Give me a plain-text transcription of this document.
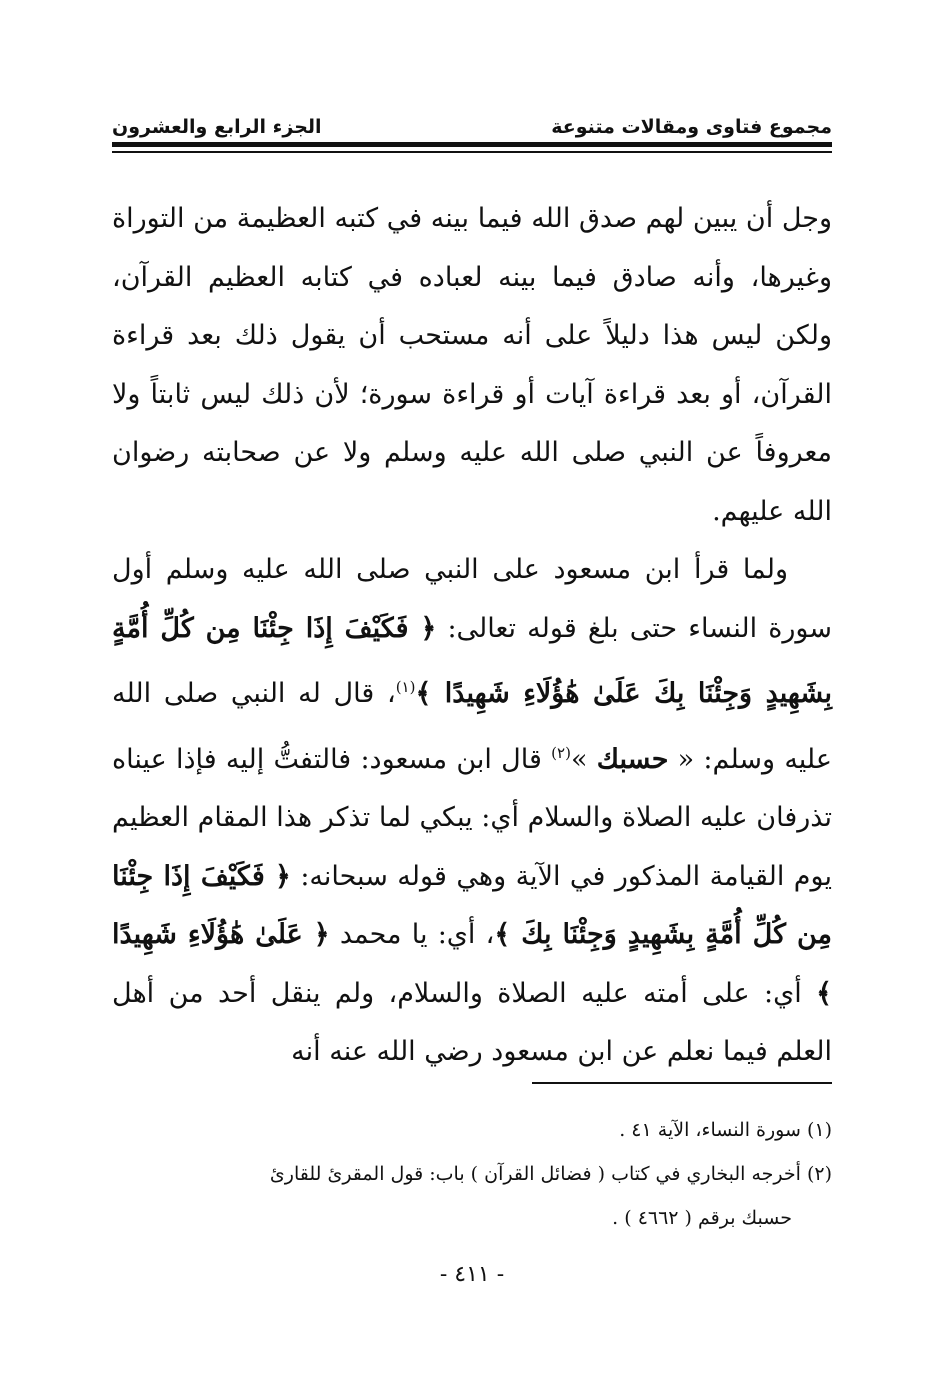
مجموع فتاوى ومقالات متنوعة
الجزء الرابع والعشرون

وجل أن يبين لهم صدق الله فيما بينه في كتبه العظيمة من التوراة وغيرها، وأنه صادق فيما بينه لعباده في كتابه العظيم القرآن، ولكن ليس هذا دليلاً على أنه مستحب أن يقول ذلك بعد قراءة القرآن، أو بعد قراءة آيات أو قراءة سورة؛ لأن ذلك ليس ثابتاً ولا معروفاً عن النبي صلى الله عليه وسلم ولا عن صحابته رضوان الله عليهم.

ولما قرأ ابن مسعود على النبي صلى الله عليه وسلم أول سورة النساء حتى بلغ قوله تعالى: ﴿ فَكَيْفَ إِذَا جِئْنَا مِن كُلِّ أُمَّةٍ بِشَهِيدٍ وَجِئْنَا بِكَ عَلَىٰ هَٰؤُلَاءِ شَهِيدًا ﴾$^{(١)}$، قال له النبي صلى الله عليه وسلم: « حسبك »$^{(٢)}$ قال ابن مسعود: فالتفتُّ إليه فإذا عيناه تذرفان عليه الصلاة والسلام أي: يبكي لما تذكر هذا المقام العظيم يوم القيامة المذكور في الآية وهي قوله سبحانه: ﴿ فَكَيْفَ إِذَا جِئْنَا مِن كُلِّ أُمَّةٍ بِشَهِيدٍ وَجِئْنَا بِكَ ﴾، أي: يا محمد ﴿ عَلَىٰ هَٰؤُلَاءِ شَهِيدًا ﴾ أي: على أمته عليه الصلاة والسلام، ولم ينقل أحد من أهل العلم فيما نعلم عن ابن مسعود رضي الله عنه أنه

(١) سورة النساء، الآية ٤١ .

(٢) أخرجه البخاري في كتاب ( فضائل القرآن ) باب: قول المقرئ للقارئ

حسبك برقم ( ٤٦٦٢ ) .

- ٤١١ -
